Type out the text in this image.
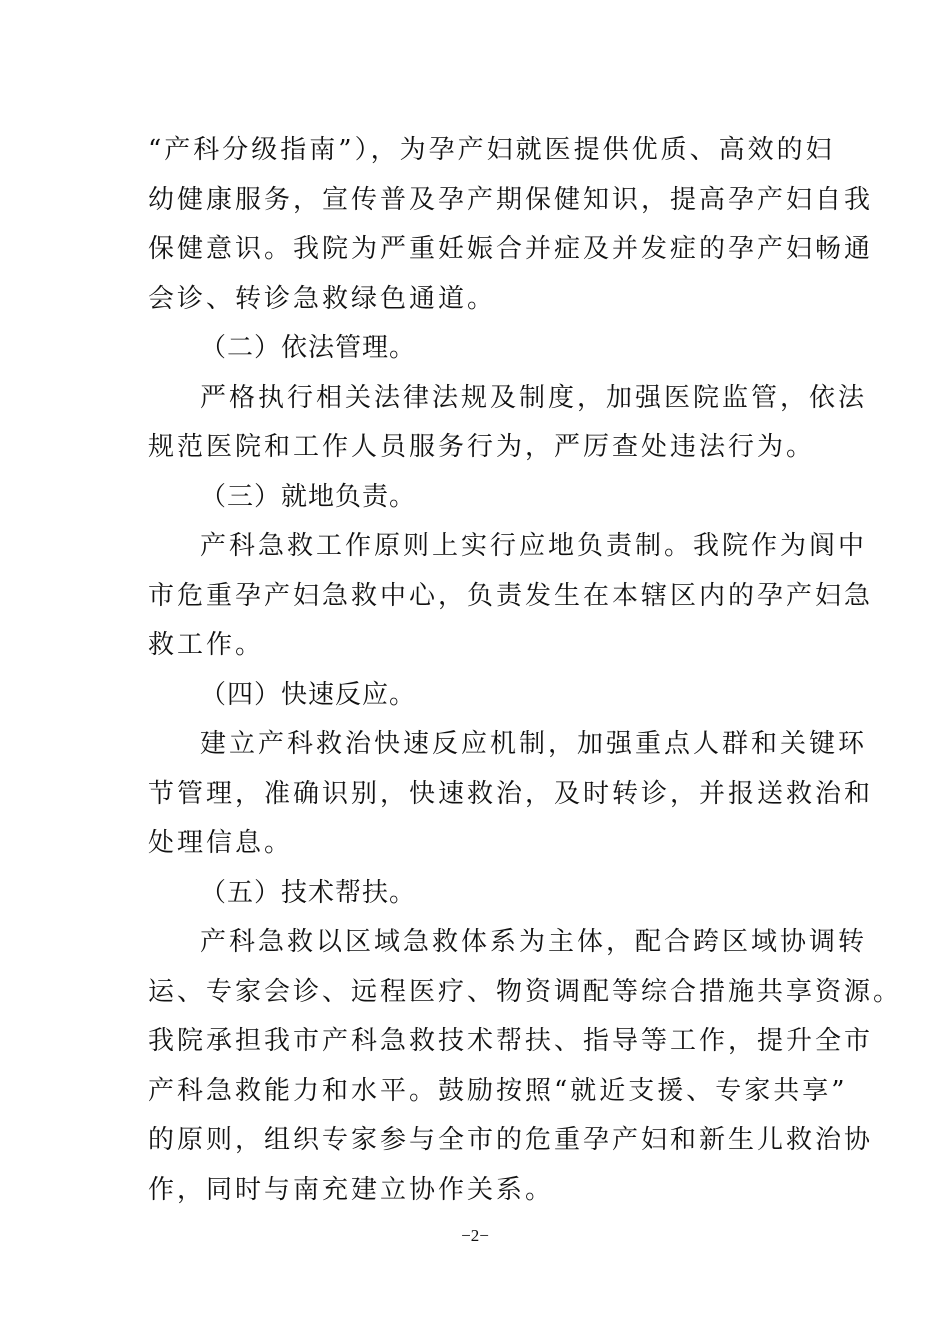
“产科分级指南”），为孕产妇就医提供优质、高效的妇
幼健康服务，宣传普及孕产期保健知识，提高孕产妇自我
保健意识。我院为严重妊娠合并症及并发症的孕产妇畅通
会诊、转诊急救绿色通道。
（二）依法管理。
严格执行相关法律法规及制度，加强医院监管，依法
规范医院和工作人员服务行为，严厉查处违法行为。
（三）就地负责。
产科急救工作原则上实行应地负责制。我院作为阆中
市危重孕产妇急救中心，负责发生在本辖区内的孕产妇急
救工作。
（四）快速反应。
建立产科救治快速反应机制，加强重点人群和关键环
节管理，准确识别，快速救治，及时转诊，并报送救治和
处理信息。
（五）技术帮扶。
产科急救以区域急救体系为主体，配合跨区域协调转
运、专家会诊、远程医疗、物资调配等综合措施共享资源。
我院承担我市产科急救技术帮扶、指导等工作，提升全市
产科急救能力和水平。鼓励按照“就近支援、专家共享”
的原则，组织专家参与全市的危重孕产妇和新生儿救治协
作，同时与南充建立协作关系。
−2−
